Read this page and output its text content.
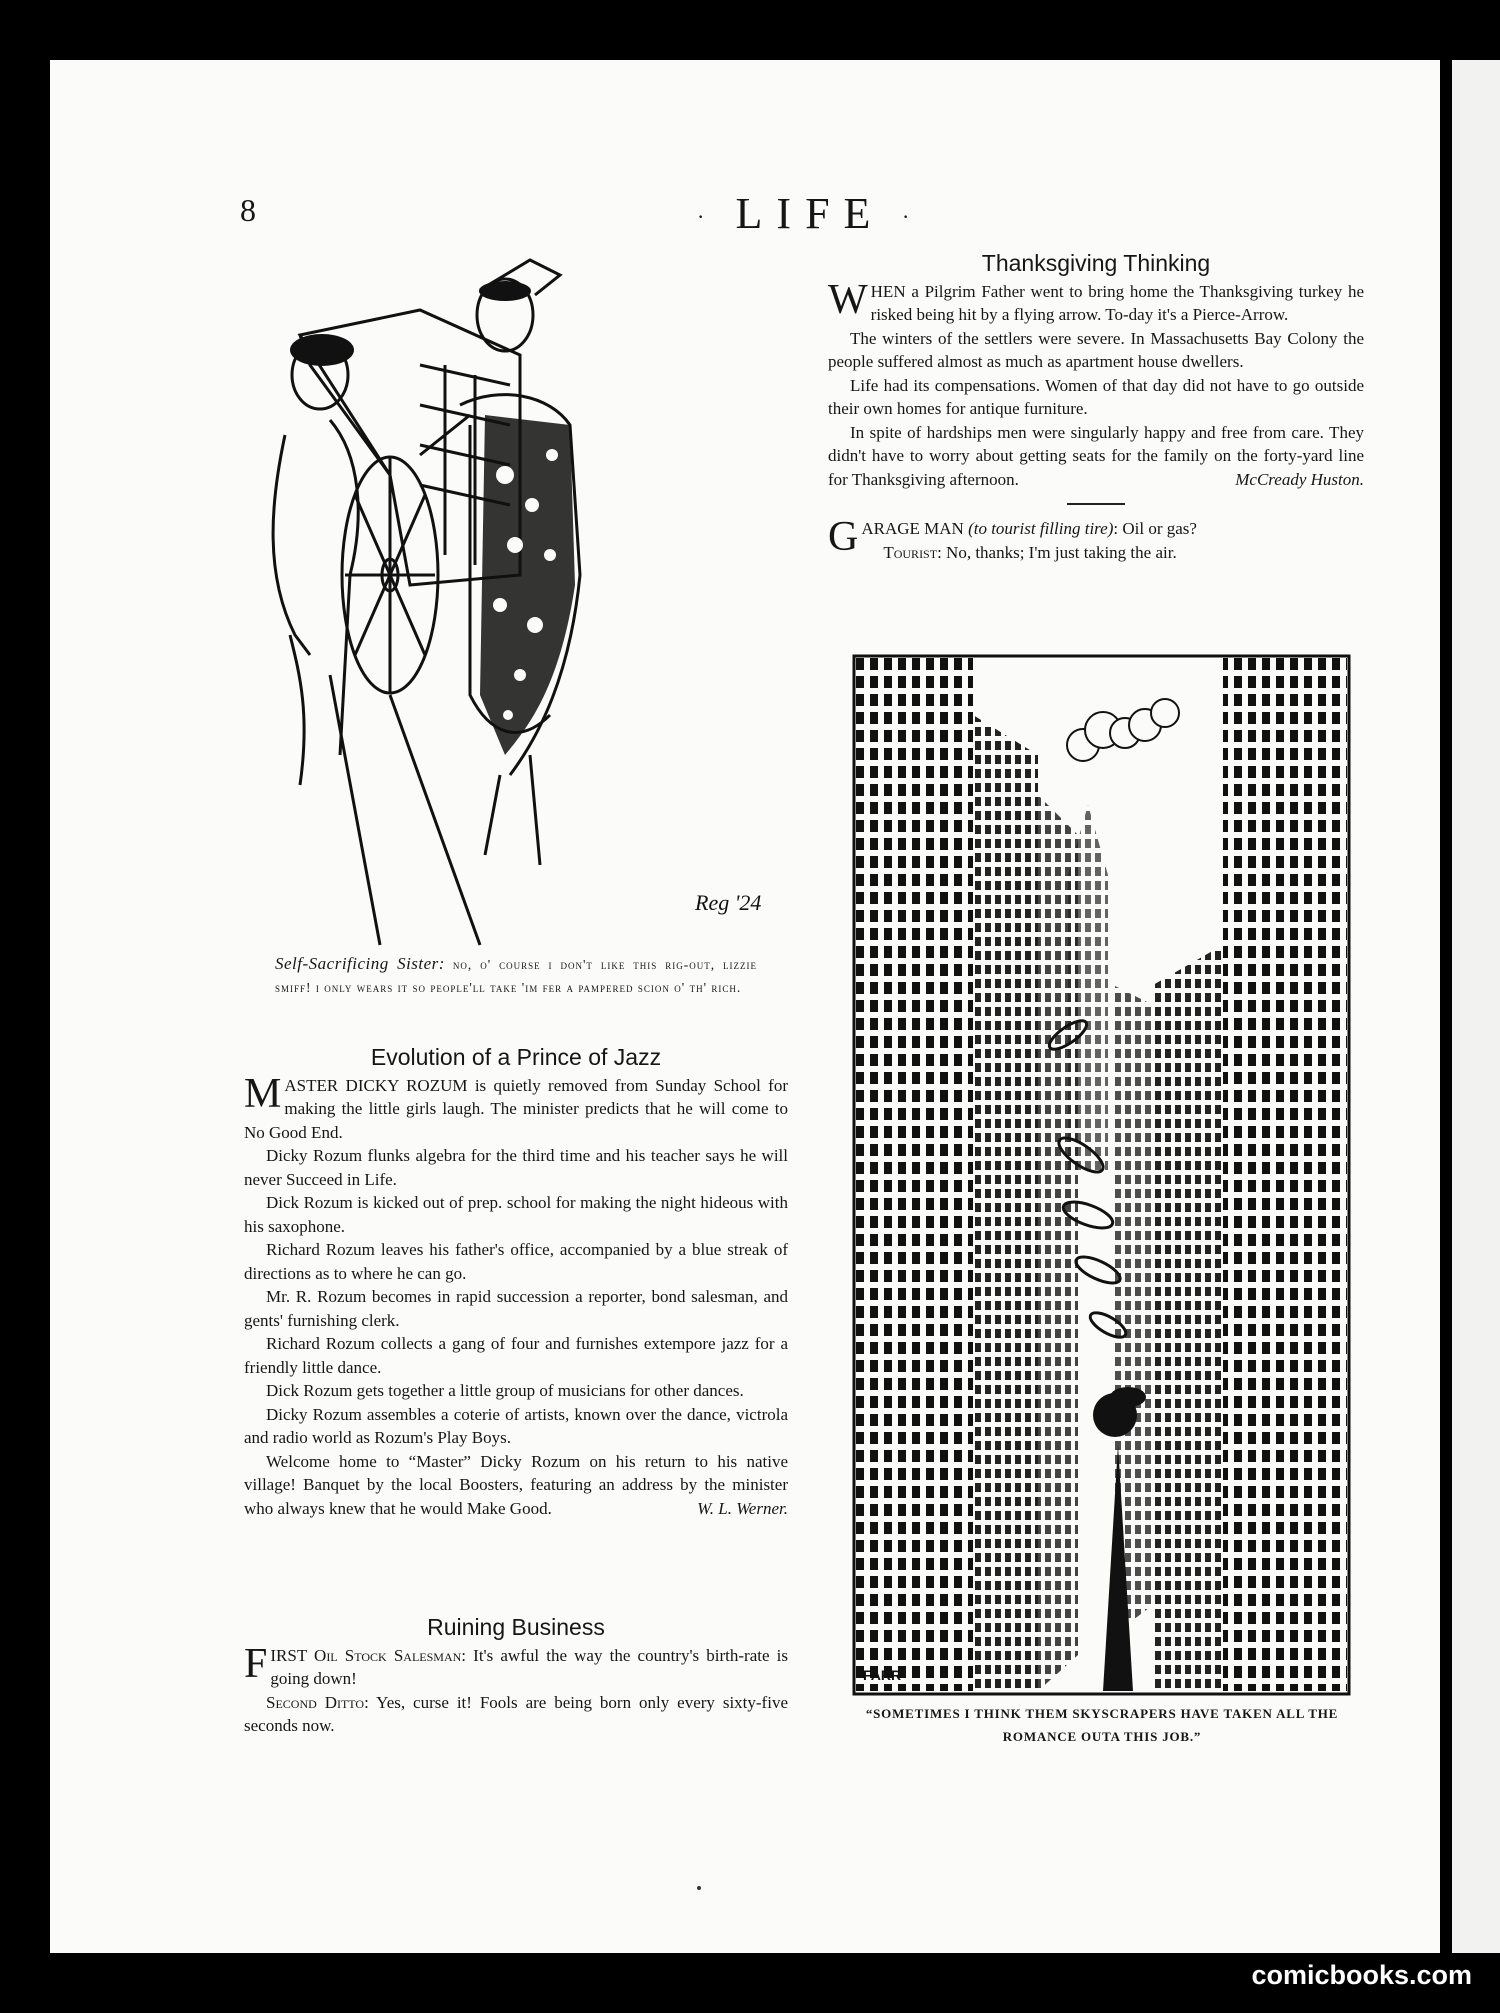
8	· LIFE ·
Reg '24
Self-Sacrificing Sister: no, o' course i don't like this rig-out, lizzie smiff! i only wears it so people'll take 'im fer a pampered scion o' th' rich.
Evolution of a Prince of Jazz

MASTER DICKY ROZUM is quietly removed from Sunday School for making the little girls laugh. The minister predicts that he will come to No Good End.

Dicky Rozum flunks algebra for the third time and his teacher says he will never Succeed in Life.

Dick Rozum is kicked out of prep. school for making the night hideous with his saxophone.

Richard Rozum leaves his father's office, accompanied by a blue streak of directions as to where he can go.

Mr. R. Rozum becomes in rapid succession a reporter, bond salesman, and gents' furnishing clerk.

Richard Rozum collects a gang of four and furnishes extempore jazz for a friendly little dance.

Dick Rozum gets together a little group of musicians for other dances.

Dicky Rozum assembles a coterie of artists, known over the dance, victrola and radio world as Rozum's Play Boys.

Welcome home to “Master” Dicky Rozum on his return to his native village! Banquet by the local Boosters, featuring an address by the minister who always knew that he would Make Good.	W. L. Werner.

Ruining Business

FIRST Oil Stock Salesman: It's awful the way the country's birth-rate is going down!

Second Ditto: Yes, curse it! Fools are being born only every sixty-five seconds now.

Thanksgiving Thinking

WHEN a Pilgrim Father went to bring home the Thanksgiving turkey he risked being hit by a flying arrow. To-day it's a Pierce-Arrow.

The winters of the settlers were severe. In Massachusetts Bay Colony the people suffered almost as much as apartment house dwellers.

Life had its compensations. Women of that day did not have to go outside their own homes for antique furniture.

In spite of hardships men were singularly happy and free from care. They didn't have to worry about getting seats for the family on the forty-yard line for Thanksgiving afternoon.	McCready Huston.

GARAGE MAN (to tourist filling tire): Oil or gas?

Tourist: No, thanks; I'm just taking the air.

FARR
“SOMETIMES I THINK THEM SKYSCRAPERS HAVE TAKEN ALL THE ROMANCE OUTA THIS JOB.”
comicbooks.com
